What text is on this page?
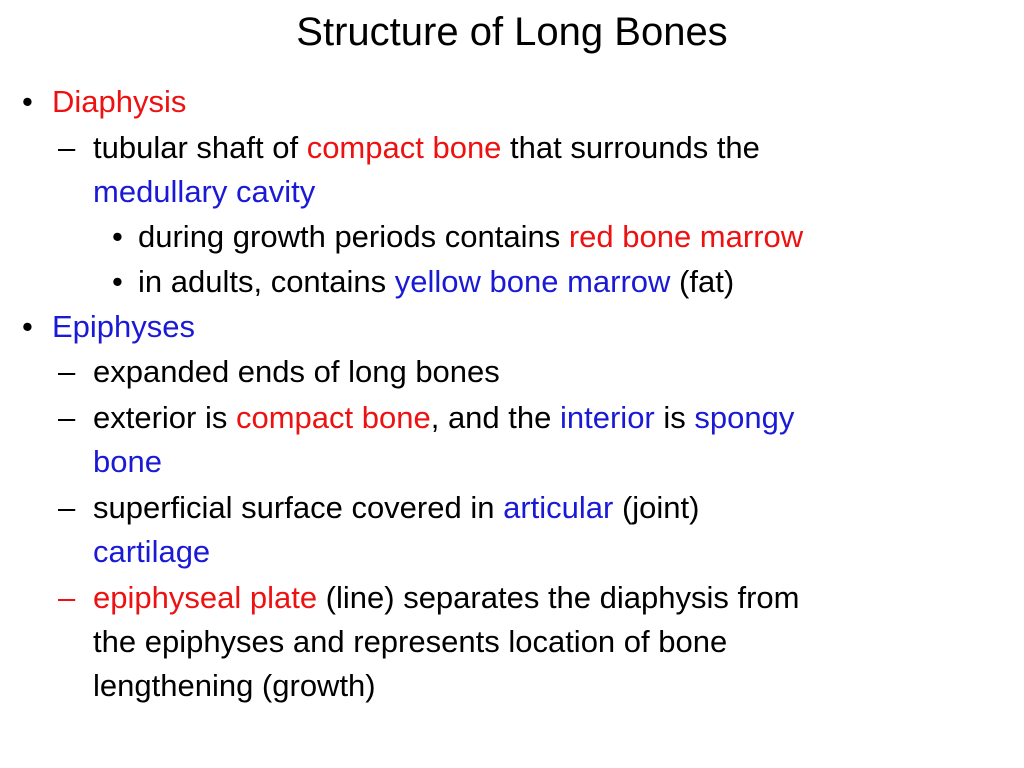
Structure of Long Bones
• Diaphysis
– tubular shaft of compact bone that surrounds the
medullary cavity
• during growth periods contains red bone marrow
• in adults, contains yellow bone marrow (fat)
• Epiphyses
– expanded ends of long bones
– exterior is compact bone, and the interior is spongy
bone
– superficial surface covered in articular (joint)
cartilage
– epiphyseal plate (line) separates the diaphysis from
the epiphyses and represents location of bone
lengthening (growth)
